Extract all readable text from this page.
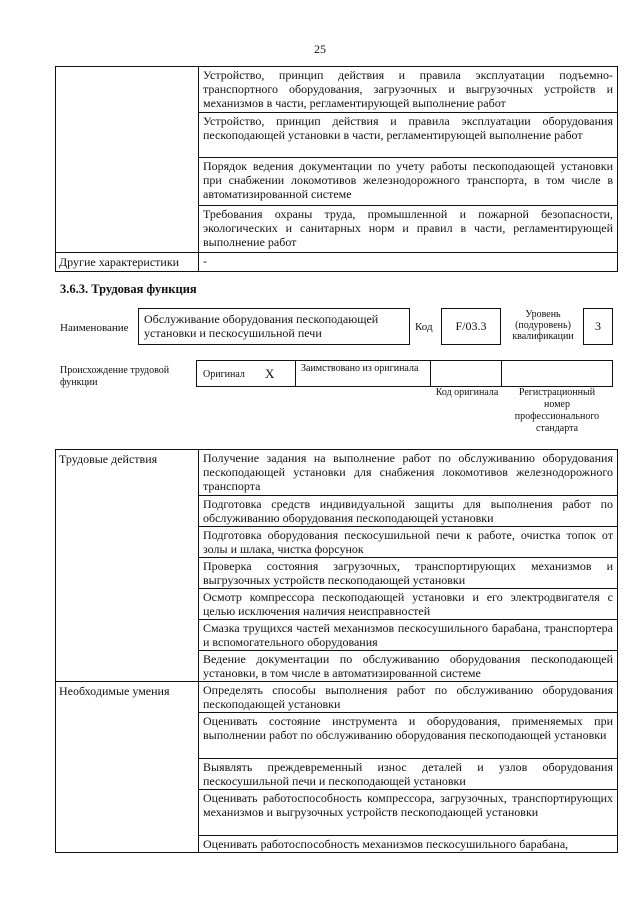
25
	Устройство, принцип действия и правила эксплуатации подъемно-транспортного оборудования, загрузочных и выгрузочных устройств и механизмов в части, регламентирующей выполнение работ
	Устройство, принцип действия и правила эксплуатации оборудования пескоподающей установки в части, регламентирующей выполнение работ
	Порядок ведения документации по учету работы пескоподающей установки при снабжении локомотивов железнодорожного транспорта, в том числе в автоматизированной системе
	Требования охраны труда, промышленной и пожарной безопасности, экологических и санитарных норм и правил в части, регламентирующей выполнение работ
Другие характеристики	-
3.6.3. Трудовая функция
Наименование
Обслуживание оборудования пескоподающей установки и пескосушильной печи	Код	F/03.3
Уровень (подуровень) квалификации
3
Происхождение трудовой функции
Оригинал X	Заимствовано из оригинала
Код оригинала	Регистрационный номер профессионального стандарта
Трудовые действия	Получение задания на выполнение работ по обслуживанию оборудования пескоподающей установки для снабжения локомотивов железнодорожного транспорта
	Подготовка средств индивидуальной защиты для выполнения работ по обслуживанию оборудования пескоподающей установки
	Подготовка оборудования пескосушильной печи к работе, очистка топок от золы и шлака, чистка форсунок
	Проверка состояния загрузочных, транспортирующих механизмов и выгрузочных устройств пескоподающей установки
	Осмотр компрессора пескоподающей установки и его электродвигателя с целью исключения наличия неисправностей
	Смазка трущихся частей механизмов пескосушильного барабана, транспортера и вспомогательного оборудования
	Ведение документации по обслуживанию оборудования пескоподающей установки, в том числе в автоматизированной системе
Необходимые умения	Определять способы выполнения работ по обслуживанию оборудования пескоподающей установки
	Оценивать состояние инструмента и оборудования, применяемых при выполнении работ по обслуживанию оборудования пескоподающей установки
	Выявлять преждевременный износ деталей и узлов оборудования пескосушильной печи и пескоподающей установки
	Оценивать работоспособность компрессора, загрузочных, транспортирующих механизмов и выгрузочных устройств пескоподающей установки
	Оценивать работоспособность механизмов пескосушильного барабана,
